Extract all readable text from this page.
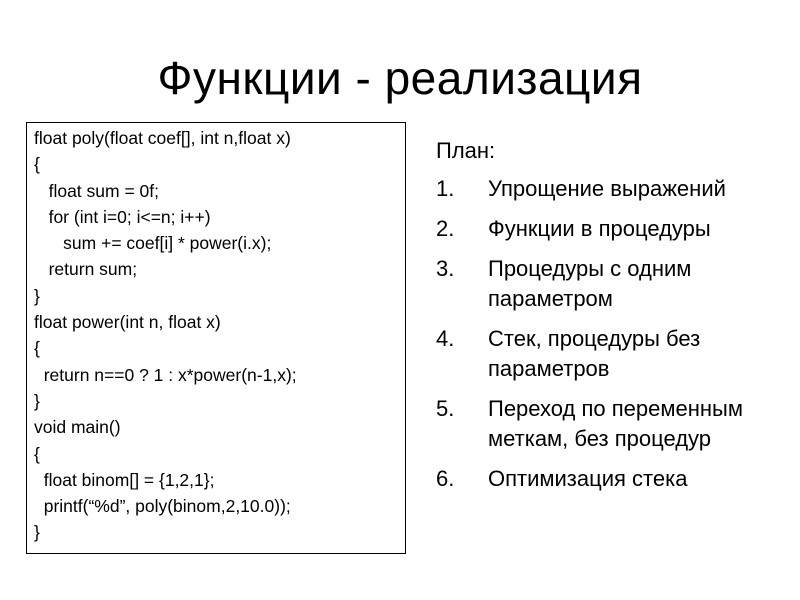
Функции - реализация
float poly(float coef[], int n,float x)
{
float sum = 0f;
for (int i=0; i<=n; i++)
sum += coef[i] * power(i.x);
return sum;
}
float power(int n, float x)
{
return n==0 ? 1 : x*power(n-1,x);
}
void main()
{
float binom[] = {1,2,1};
printf(“%d”, poly(binom,2,10.0));
}
План:
1.	Упрощение выражений
2.	Функции в процедуры
3.	Процедуры с одним параметром
4.	Стек, процедуры без параметров
5.	Переход по переменным меткам, без процедур
6.	Оптимизация стека
